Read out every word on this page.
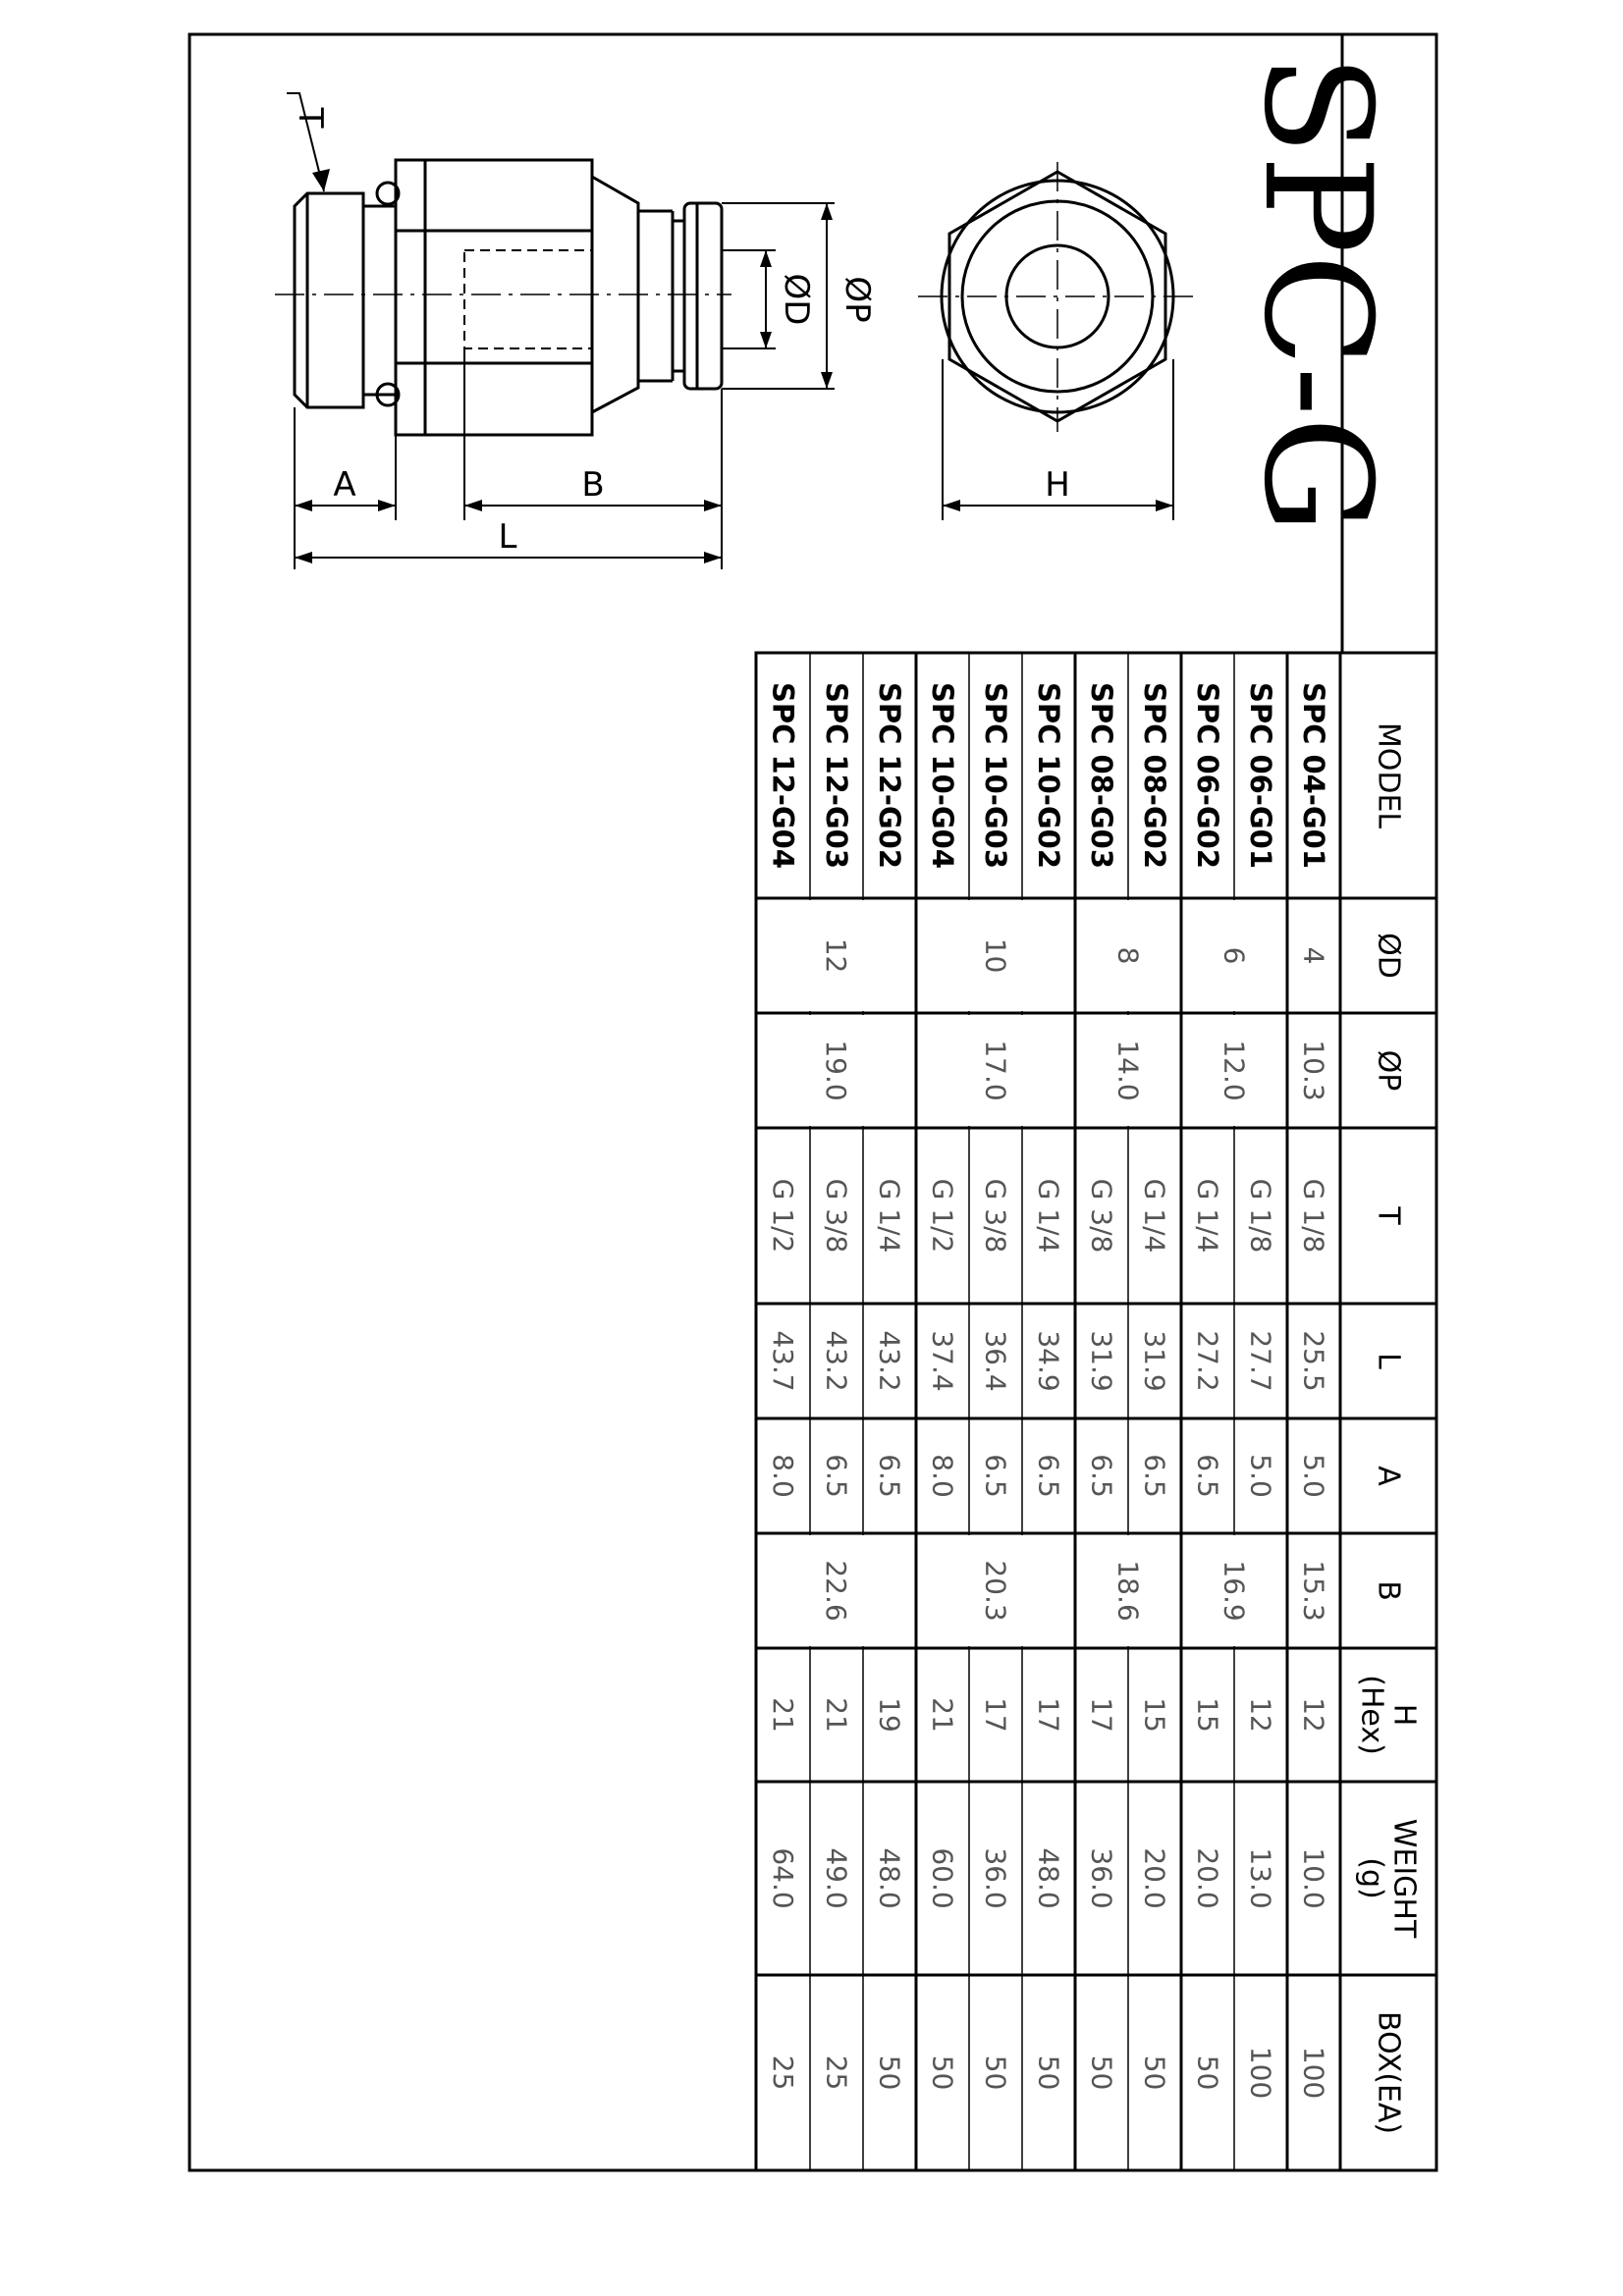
T
ØD ØP
A	B
L
H SPC-G
MODEL
ØD
ØP
T
L
A
B
H(Hex)
WEIGHT(g)
BOX(EA)
SPC 04-G01
G 1/8
25.5
5.0
12
10.0
100
SPC 06-G01
G 1/8
27.7
5.0
12
13.0
100
SPC 06-G02
G 1/4
27.2
6.5
15
20.0
50
SPC 08-G02
G 1/4
31.9
6.5
15
20.0
50
SPC 08-G03
G 3/8
31.9
6.5
17
36.0
50
SPC 10-G02
G 1/4
34.9
6.5
17
48.0
50
SPC 10-G03
G 3/8
36.4
6.5
17
36.0
50
SPC 10-G04
G 1/2
37.4
8.0
21
60.0
50
SPC 12-G02
G 1/4
43.2
6.5
19
48.0
50
SPC 12-G03
G 3/8
43.2
6.5
21
49.0
25
SPC 12-G04
G 1/2
43.7
8.0
21
64.0
25
4
6
8
10
12
10.3
12.0
14.0
17.0
19.0
15.3
16.9
18.6
20.3
22.6
